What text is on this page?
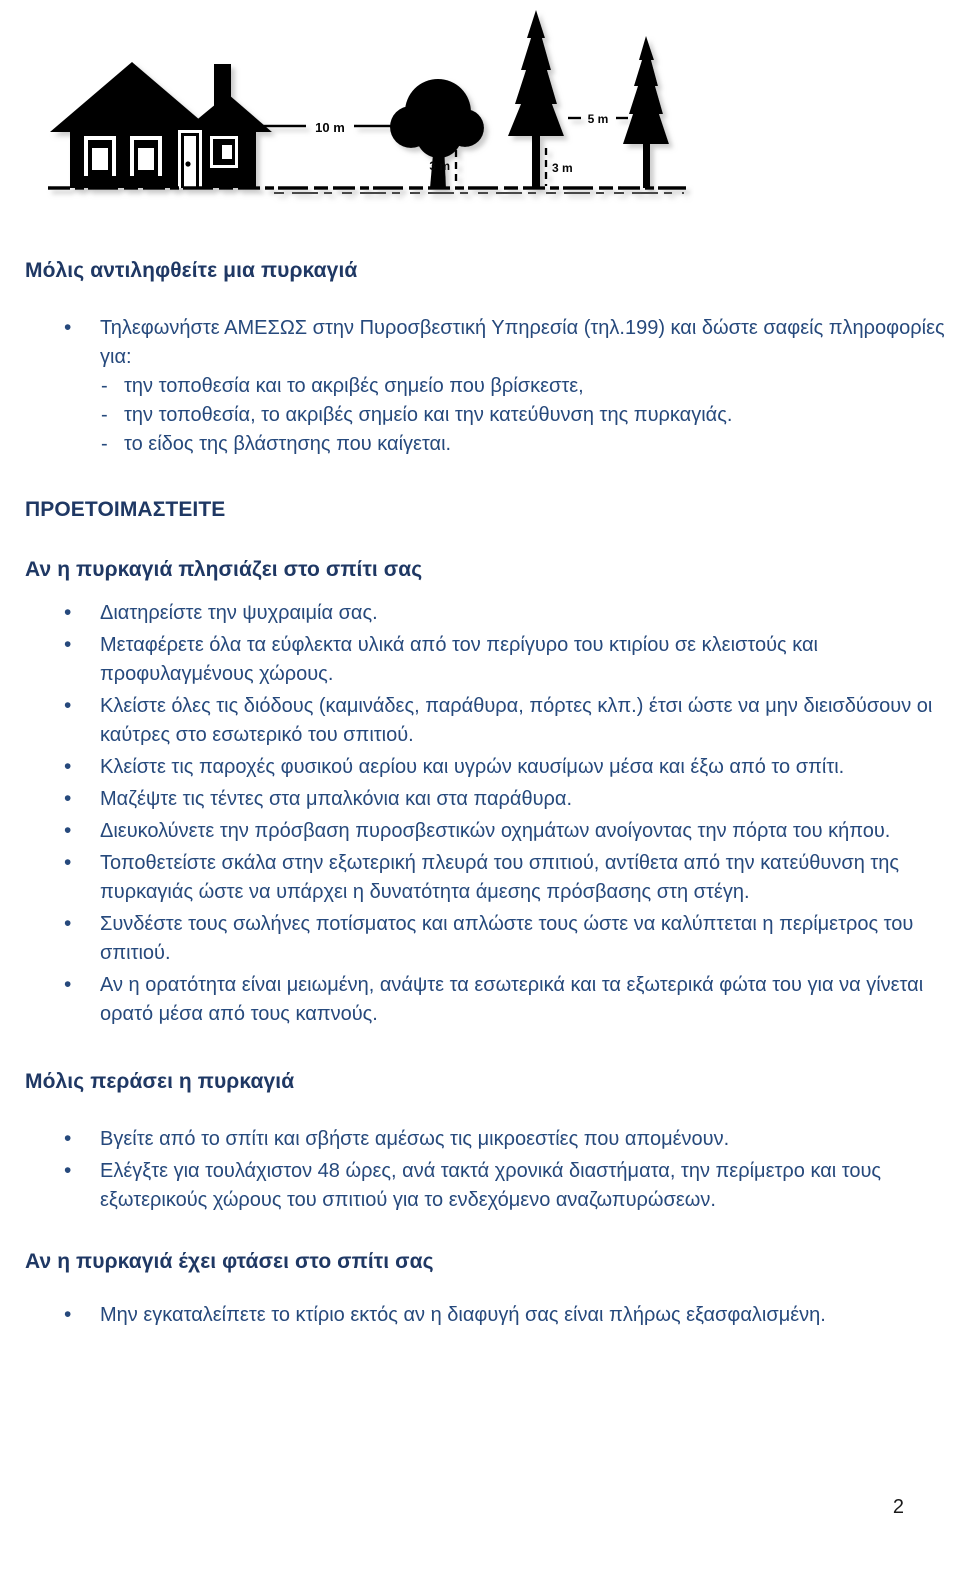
10 m
3 m
5 m
3 m
Μόλις αντιληφθείτε μια πυρκαγιά
• Τηλεφωνήστε ΑΜΕΣΩΣ στην Πυροσβεστική Υπηρεσία (τηλ.199) και δώστε σαφείς πληροφορίες για:

- την τοποθεσία και το ακριβές σημείο που βρίσκεστε,

- την τοποθεσία, το ακριβές σημείο και την κατεύθυνση της πυρκαγιάς.

- το είδος της βλάστησης που καίγεται.

ΠΡΟΕΤΟΙΜΑΣΤΕΙΤΕ
Αν η πυρκαγιά πλησιάζει στο σπίτι σας
• Διατηρείστε την ψυχραιμία σας.

• Μεταφέρετε όλα τα εύφλεκτα υλικά από τον περίγυρο του κτιρίου σε κλειστούς και προφυλαγμένους χώρους.

• Κλείστε όλες τις διόδους (καμινάδες, παράθυρα, πόρτες κλπ.) έτσι ώστε να μην διεισδύσουν οι καύτρες στο εσωτερικό του σπιτιού.

• Κλείστε τις παροχές φυσικού αερίου και υγρών καυσίμων μέσα και έξω από το σπίτι.

• Μαζέψτε τις τέντες στα μπαλκόνια και στα παράθυρα.

• Διευκολύνετε την πρόσβαση πυροσβεστικών οχημάτων ανοίγοντας την πόρτα του κήπου.

• Τοποθετείστε σκάλα στην εξωτερική πλευρά του σπιτιού, αντίθετα από την κατεύθυνση της πυρκαγιάς ώστε να υπάρχει η δυνατότητα άμεσης πρόσβασης στη στέγη.

• Συνδέστε τους σωλήνες ποτίσματος και απλώστε τους ώστε να καλύπτεται η περίμετρος του σπιτιού.

• Αν η ορατότητα είναι μειωμένη, ανάψτε τα εσωτερικά και τα εξωτερικά φώτα του για να γίνεται ορατό μέσα από τους καπνούς.

Μόλις περάσει η πυρκαγιά
• Βγείτε από το σπίτι και σβήστε αμέσως τις μικροεστίες που απομένουν.

• Ελέγξτε για τουλάχιστον 48 ώρες, ανά τακτά χρονικά διαστήματα, την περίμετρο και τους εξωτερικούς χώρους του σπιτιού για το ενδεχόμενο αναζωπυρώσεων.

Αν η πυρκαγιά έχει φτάσει στο σπίτι σας
• Μην εγκαταλείπετε το κτίριο εκτός αν η διαφυγή σας είναι πλήρως εξασφαλισμένη.

2
